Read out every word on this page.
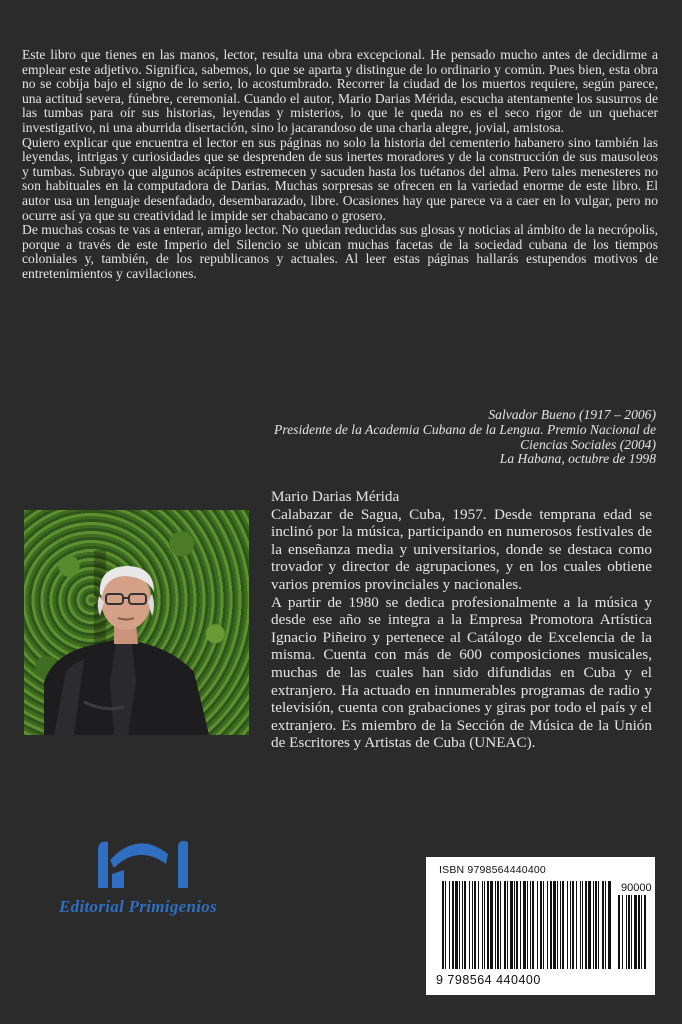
Este libro que tienes en las manos, lector, resulta una obra excepcional. He pensado mucho antes de decidirme a emplear este adjetivo. Significa, sabemos, lo que se aparta y distingue de lo ordinario y común. Pues bien, esta obra no se cobija bajo el signo de lo serio, lo acostumbrado. Recorrer la ciudad de los muertos requiere, según parece, una actitud severa, fúnebre, ceremonial. Cuando el autor, Mario Darias Mérida, escucha atentamente los susurros de las tumbas para oír sus historias, leyendas y misterios, lo que le queda no es el seco rigor de un quehacer investigativo, ni una aburrida disertación, sino lo jacarandoso de una charla alegre, jovial, amistosa.

Quiero explicar que encuentra el lector en sus páginas no solo la historia del cementerio habanero sino también las leyendas, intrigas y curiosidades que se desprenden de sus inertes moradores y de la construcción de sus mausoleos y tumbas. Subrayo que algunos acápites estremecen y sacuden hasta los tuétanos del alma. Pero tales menesteres no son habituales en la computadora de Darias. Muchas sorpresas se ofrecen en la variedad enorme de este libro. El autor usa un lenguaje desenfadado, desembarazado, libre. Ocasiones hay que parece va a caer en lo vulgar, pero no ocurre así ya que su creatividad le impide ser chabacano o grosero.

De muchas cosas te vas a enterar, amigo lector. No quedan reducidas sus glosas y noticias al ámbito de la necrópolis, porque a través de este Imperio del Silencio se ubican muchas facetas de la sociedad cubana de los tiempos coloniales y, también, de los republicanos y actuales. Al leer estas páginas hallarás estupendos motivos de entretenimientos y cavilaciones.

Salvador Bueno (1917 – 2006)
Presidente de la Academia Cubana de la Lengua. Premio Nacional de Ciencias Sociales (2004)
La Habana, octubre de 1998

Mario Darias Mérida

Calabazar de Sagua, Cuba, 1957. Desde temprana edad se inclinó por la música, participando en numerosos festivales de la enseñanza media y universitarios, donde se destaca como trovador y director de agrupaciones, y en los cuales obtiene varios premios provinciales y nacionales.

A partir de 1980 se dedica profesionalmente a la música y desde ese año se integra a la Empresa Promotora Artística Ignacio Piñeiro y pertenece al Catálogo de Excelencia de la misma. Cuenta con más de 600 composiciones musicales, muchas de las cuales han sido difundidas en Cuba y el extranjero. Ha actuado en innumerables programas de radio y televisión, cuenta con grabaciones y giras por todo el país y el extranjero. Es miembro de la Sección de Música de la Unión de Escritores y Artistas de Cuba (UNEAC).

Editorial Primigenios
ISBN 9798564440400
90000
9 798564 440400
